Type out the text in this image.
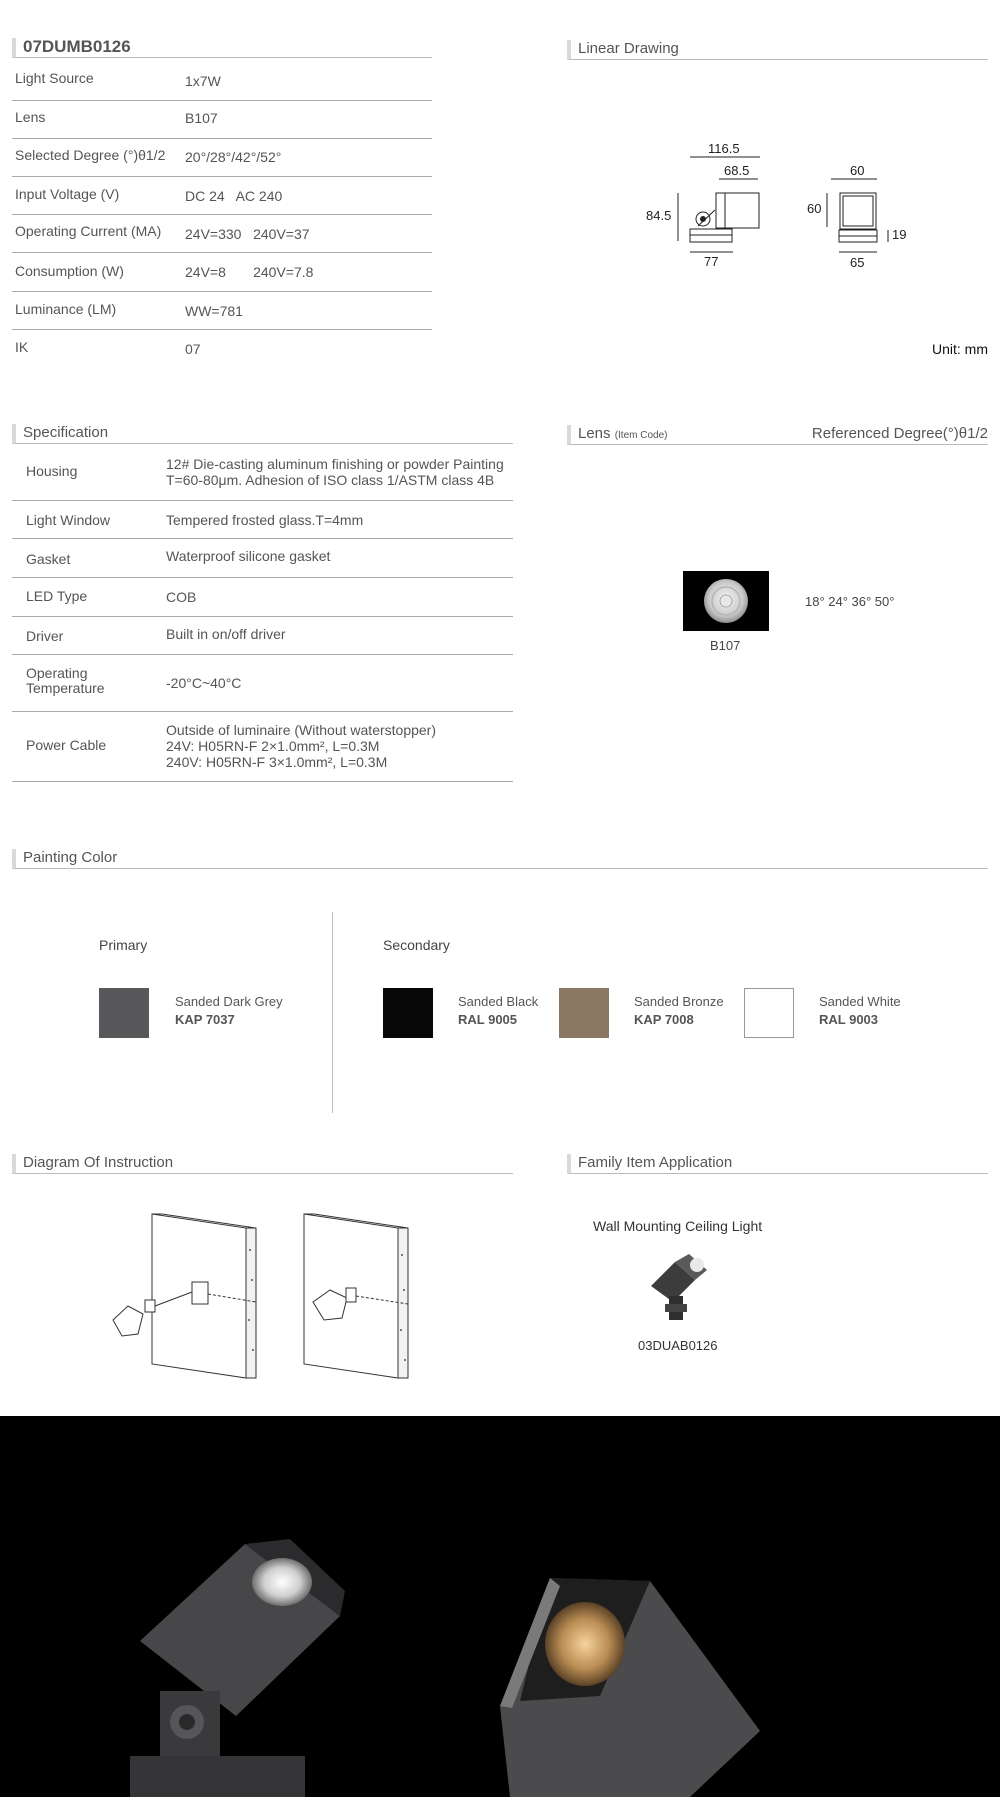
07DUMB0126
Light Source	1x7W
Lens	B107
Selected Degree (°)θ1/2 20°/28°/42°/52°
Input Voltage (V)	DC 24   AC 240
Operating Current (MA) 24V=330   240V=37
Consumption (W)	24V=8       240V=7.8
Luminance (LM)	WW=781
IK	07
Linear Drawing
116.5
68.5
84.5
77
60
60
19
65
Unit: mm
Specification
Housing	12# Die-casting aluminum finishing or powder Painting
T=60-80μm. Adhesion of ISO class 1/ASTM class 4B
Light Window	Tempered frosted glass.T=4mm
Gasket	Waterproof silicone gasket
LED Type	COB
Driver	Built in on/off driver
Operating Temperature	-20°C~40°C
Power Cable
Outside of luminaire (Without waterstopper)
24V: H05RN-F 2×1.0mm², L=0.3M
240V: H05RN-F 3×1.0mm², L=0.3M
Lens (Item Code)	Referenced Degree(°)θ1/2
B107
18° 24° 36° 50°
Painting Color
Primary	Secondary
Sanded Dark Grey
KAP 7037
Sanded Black
RAL 9005
Sanded Bronze
KAP 7008
Sanded White
RAL 9003
Diagram Of Instruction	Family Item Application
Wall Mounting Ceiling Light
03DUAB0126
